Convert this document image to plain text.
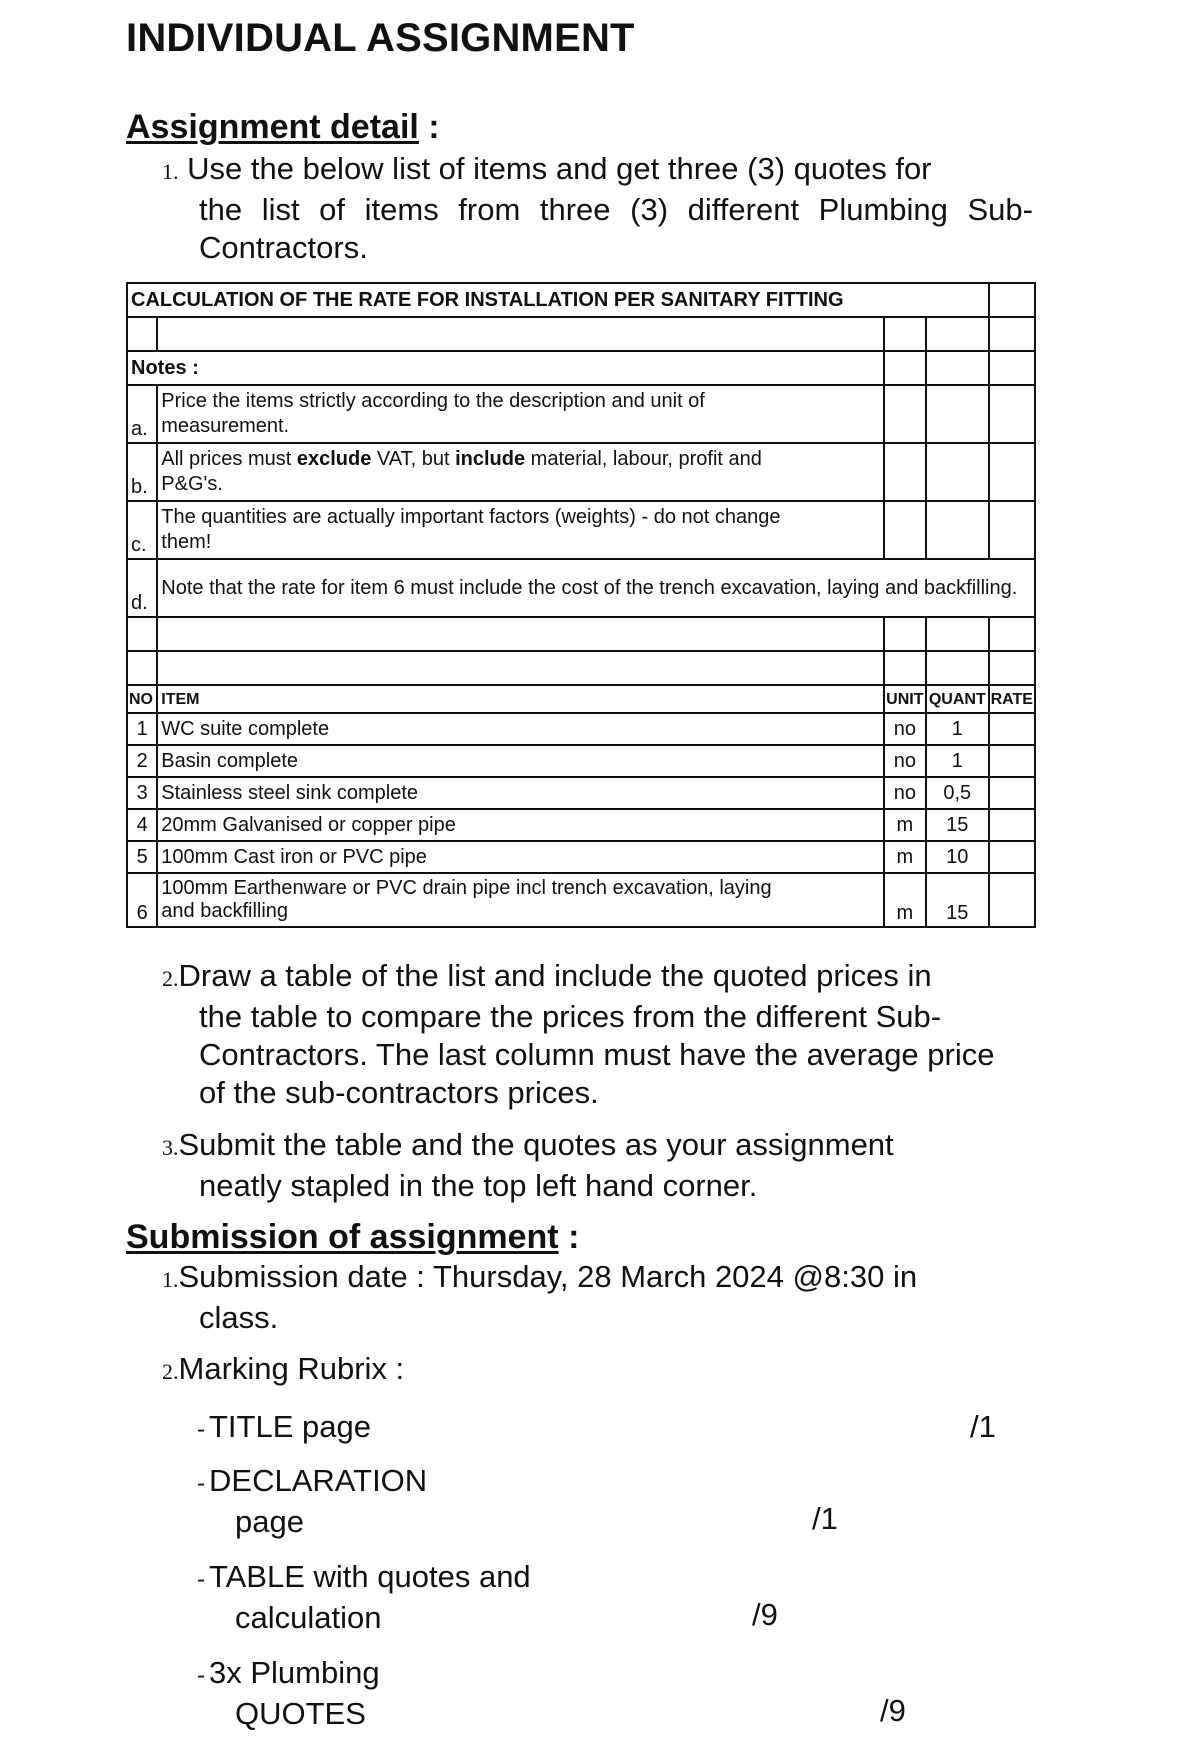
INDIVIDUAL ASSIGNMENT
Assignment detail :
1. Use the below list of items and get three (3) quotes for
the list of items from three (3) different Plumbing Sub-Contractors.
CALCULATION OF THE RATE FOR INSTALLATION PER SANITARY FITTING				

Notes :				
a.	Price the items strictly according to the description and unit of measurement.			
b.	All prices must exclude VAT, but include material, labour, profit and P&G's.			
c.	The quantities are actually important factors (weights) - do not change them!			
d.	Note that the rate for item 6 must include the cost of the trench excavation, laying and backfilling.			

NO	ITEM	UNIT	QUANT	RATE
1	WC suite complete	no	1	
2	Basin complete	no	1	
3	Stainless steel sink complete	no	0,5	
4	20mm Galvanised or copper pipe	m	15	
5	100mm Cast iron or PVC pipe	m	10	
6	100mm Earthenware or PVC drain pipe incl trench excavation, laying and backfilling	m	15	
2.Draw a table of the list and include the quoted prices in
the table to compare the prices from the different Sub-Contractors. The last column must have the average price of the sub-contractors prices.
3.Submit the table and the quotes as your assignment
neatly stapled in the top left hand corner.
Submission of assignment :
1.Submission date : Thursday, 28 March 2024 @8:30 in
class.
2.Marking Rubrix :
- TITLE page	/1
- DECLARATION
page	/1
- TABLE with quotes and
calculation	/9
- 3x Plumbing
QUOTES	/9
